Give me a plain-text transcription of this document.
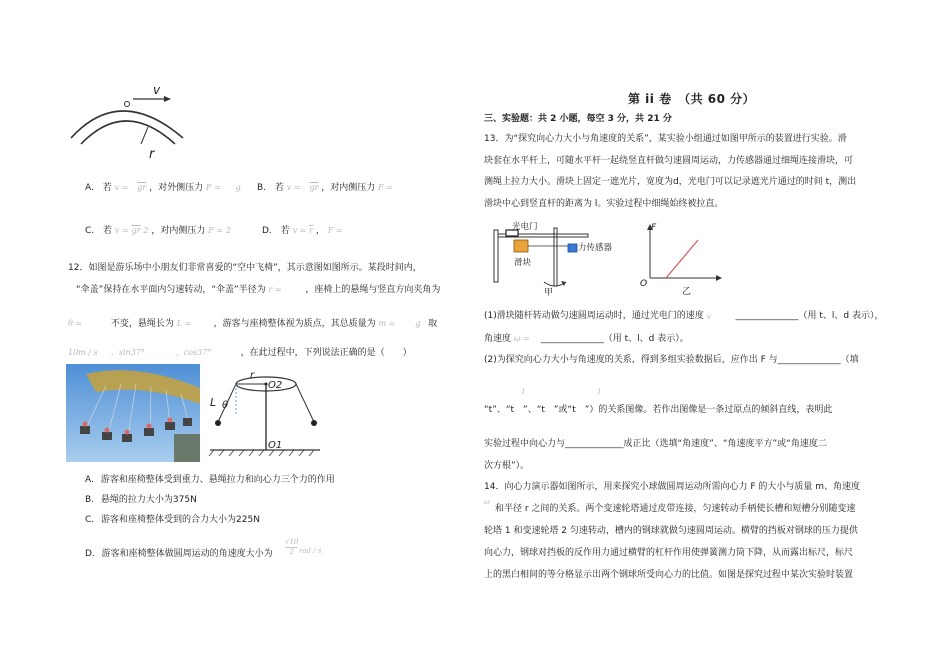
v
r
A. 若 $v = \overline{gr}$ ，对外侧压力 F = g B. 若 $v = \overline{gr}$ ，对内侧压力 F =
C. 若 $v = \overline{gr}$ 2 ，对内侧压力 F = 2	D. 若 $v = \overline{r}$ ， F =
12．如图是游乐场中小朋友们非常喜爱的“空中飞椅”，其示意图如图所示。某段时间内，
“伞盖”保持在水平面内匀速转动，“伞盖”半径为 r =	，座椅上的悬绳与竖直方向夹角为
θ =	不变，悬绳长为 L = ，游客与座椅整体视为质点，其总质量为 m =	g 取
10m / s ，sin37°	，cos37°	，在此过程中，下列说法正确的是（　　）
r
O2
L θ
O1
A. 游客和座椅整体受到重力、悬绳拉力和向心力三个力的作用
B. 悬绳的拉力大小为375N
C. 游客和座椅整体受到的合力大小为225N
D. 游客和座椅整体做圆周运动的角速度大小为 $\frac{√10}{2}$ rad / s
第 ii 卷　（共 60 分）
三、实验题：共 2 小题，每空 3 分，共 21 分
13．为“探究向心力大小与角速度的关系”，某实验小组通过如图甲所示的装置进行实验。滑
块套在水平杆上，可随水平杆一起绕竖直杆做匀速圆周运动，力传感器通过细绳连接滑块，可
测绳上拉力大小。滑块上固定一遮光片，宽度为d，光电门可以记录遮光片通过的时间 t，测出
滑块中心到竖直杆的距离为 l。实验过程中细绳始终被拉直。
光电门
力传感器
滑块
甲
F
O
乙
(1)滑块随杆转动做匀速圆周运动时，通过光电门的速度 v	______________（用 t、l、d 表示），
角速度 ω = ______________（用 t、l、d 表示）。
(2)为探究向心力大小与角速度的关系，得到多组实验数据后，应作出 F 与______________（填
1	1
“t”、“t　”、“t　”或“t　”）的关系图像。若作出图像是一条过原点的倾斜直线，表明此
实验过程中向心力与_____________成正比（选填“角速度”、“角速度平方”或“角速度二
次方根”）。
14．向心力演示器如图所示，用来探究小球做圆周运动所需向心力 F 的大小与质量 m、角速度
ω
和半径 r 之间的关系。两个变速轮塔通过皮带连接，匀速转动手柄使长槽和短槽分别随变速
轮塔 1 和变速轮塔 2 匀速转动，槽内的钢球就做匀速圆周运动。横臂的挡板对钢球的压力提供
向心力，钢球对挡板的反作用力通过横臂的杠杆作用使弹簧测力筒下降，从而露出标尺，标尺
上的黑白相间的等分格显示出两个钢球所受向心力的比值。如图是探究过程中某次实验时装置
